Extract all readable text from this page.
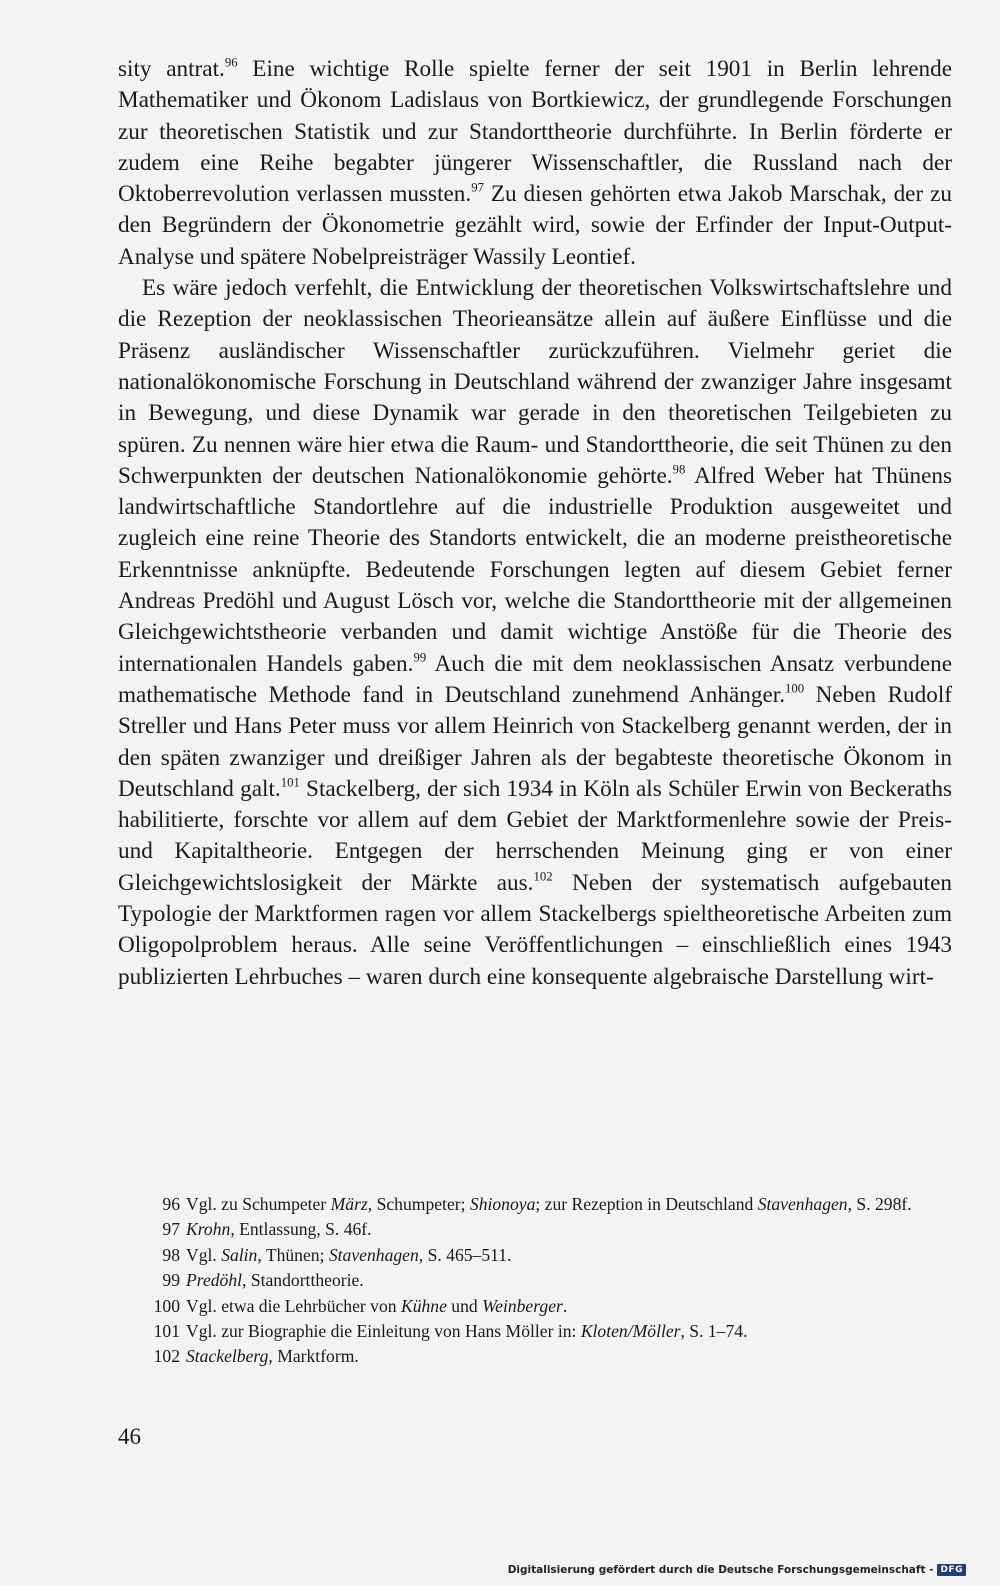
sity antrat.$^{96}$ Eine wichtige Rolle spielte ferner der seit 1901 in Berlin lehrende Mathematiker und Ökonom Ladislaus von Bortkiewicz, der grundlegende Forschungen zur theoretischen Statistik und zur Standorttheorie durchführte. In Berlin förderte er zudem eine Reihe begabter jüngerer Wissenschaftler, die Russland nach der Oktoberrevolution verlassen mussten.$^{97}$ Zu diesen gehörten etwa Jakob Marschak, der zu den Begründern der Ökonometrie gezählt wird, sowie der Erfinder der Input-Output-Analyse und spätere Nobelpreisträger Wassily Leontief.

Es wäre jedoch verfehlt, die Entwicklung der theoretischen Volkswirtschaftslehre und die Rezeption der neoklassischen Theorieansätze allein auf äußere Einflüsse und die Präsenz ausländischer Wissenschaftler zurückzuführen. Vielmehr geriet die nationalökonomische Forschung in Deutschland während der zwanziger Jahre insgesamt in Bewegung, und diese Dynamik war gerade in den theoretischen Teilgebieten zu spüren. Zu nennen wäre hier etwa die Raum- und Standorttheorie, die seit Thünen zu den Schwerpunkten der deutschen Nationalökonomie gehörte.$^{98}$ Alfred Weber hat Thünens landwirtschaftliche Standortlehre auf die industrielle Produktion ausgeweitet und zugleich eine reine Theorie des Standorts entwickelt, die an moderne preistheoretische Erkenntnisse anknüpfte. Bedeutende Forschungen legten auf diesem Gebiet ferner Andreas Predöhl und August Lösch vor, welche die Standorttheorie mit der allgemeinen Gleichgewichtstheorie verbanden und damit wichtige Anstöße für die Theorie des internationalen Handels gaben.$^{99}$ Auch die mit dem neoklassischen Ansatz verbundene mathematische Methode fand in Deutschland zunehmend Anhänger.$^{100}$ Neben Rudolf Streller und Hans Peter muss vor allem Heinrich von Stackelberg genannt werden, der in den späten zwanziger und dreißiger Jahren als der begabteste theoretische Ökonom in Deutschland galt.$^{101}$ Stackelberg, der sich 1934 in Köln als Schüler Erwin von Beckeraths habilitierte, forschte vor allem auf dem Gebiet der Marktformenlehre sowie der Preis- und Kapitaltheorie. Entgegen der herrschenden Meinung ging er von einer Gleichgewichtslosigkeit der Märkte aus.$^{102}$ Neben der systematisch aufgebauten Typologie der Marktformen ragen vor allem Stackelbergs spieltheoretische Arbeiten zum Oligopolproblem heraus. Alle seine Veröffentlichungen – einschließlich eines 1943 publizierten Lehrbuches – waren durch eine konsequente algebraische Darstellung wirt-

96 Vgl. zu Schumpeter März, Schumpeter; Shionoya; zur Rezeption in Deutschland Stavenhagen, S. 298f.
97 Krohn, Entlassung, S. 46f.
98 Vgl. Salin, Thünen; Stavenhagen, S. 465–511.
99 Predöhl, Standorttheorie.
100 Vgl. etwa die Lehrbücher von Kühne und Weinberger.
101 Vgl. zur Biographie die Einleitung von Hans Möller in: Kloten/Möller, S. 1–74.
102 Stackelberg, Marktform.
46
Digitalisierung gefördert durch die Deutsche Forschungsgemeinschaft - DFG
